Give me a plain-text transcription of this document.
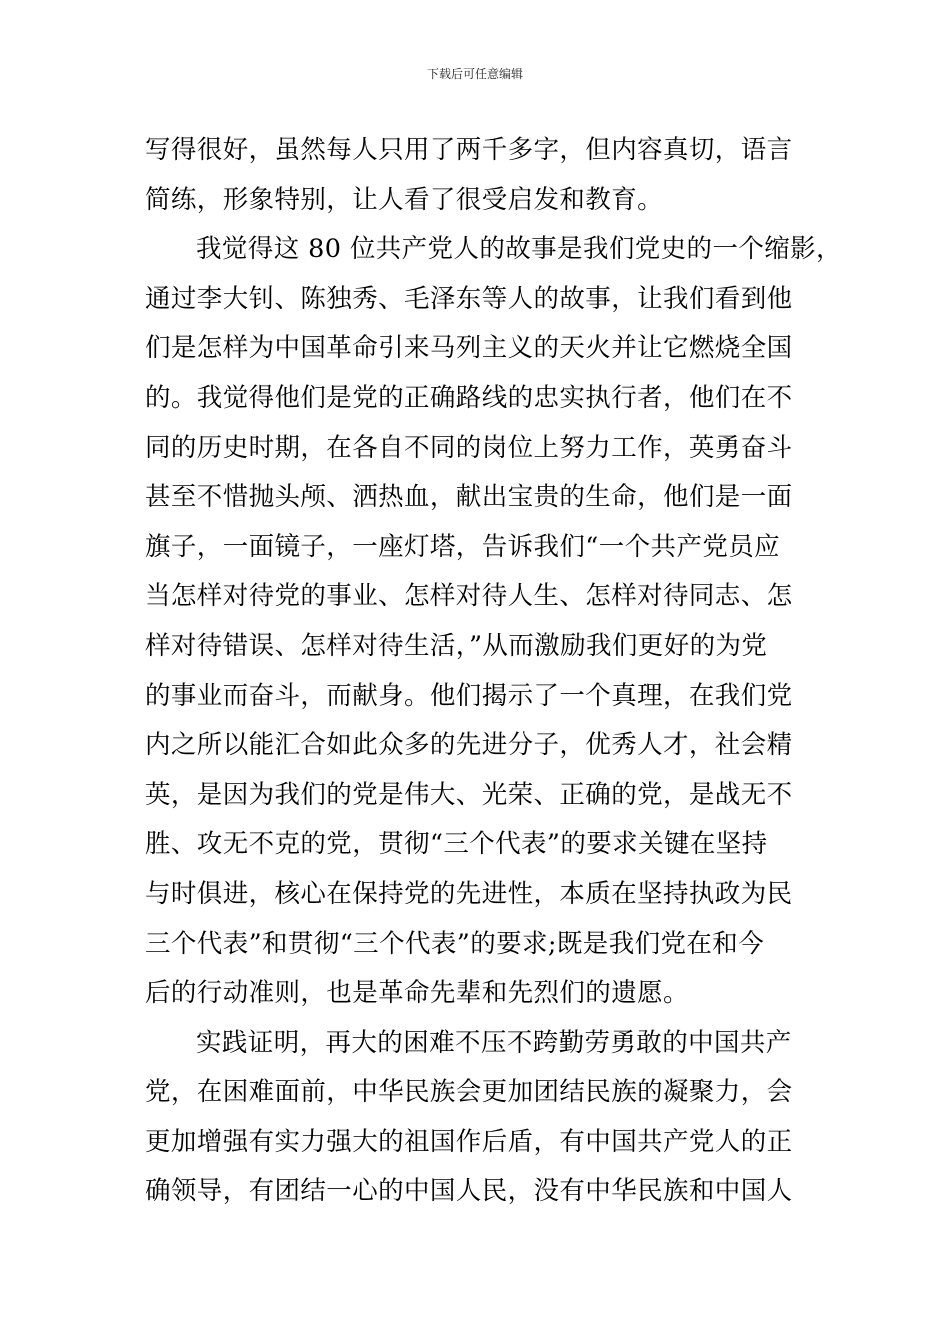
下载后可任意编辑
写得很好，虽然每人只用了两千多字，但内容真切，语言
简练，形象特别，让人看了很受启发和教育。
我觉得这 80 位共产党人的故事是我们党史的一个缩影，
通过李大钊、陈独秀、毛泽东等人的故事，让我们看到他
们是怎样为中国革命引来马列主义的天火并让它燃烧全国
的。我觉得他们是党的正确路线的忠实执行者，他们在不
同的历史时期，在各自不同的岗位上努力工作，英勇奋斗
甚至不惜抛头颅、洒热血，献出宝贵的生命，他们是一面
旗子，一面镜子，一座灯塔，告诉我们“一个共产党员应
当怎样对待党的事业、怎样对待人生、怎样对待同志、怎
样对待错误、怎样对待生活，”从而激励我们更好的为党
的事业而奋斗，而献身。他们揭示了一个真理，在我们党
内之所以能汇合如此众多的先进分子，优秀人才，社会精
英，是因为我们的党是伟大、光荣、正确的党，是战无不
胜、攻无不克的党，贯彻“三个代表”的要求关键在坚持
与时俱进，核心在保持党的先进性，本质在坚持执政为民
三个代表”和贯彻“三个代表”的要求;既是我们党在和今
后的行动准则，也是革命先辈和先烈们的遗愿。
实践证明，再大的困难不压不跨勤劳勇敢的中国共产
党，在困难面前，中华民族会更加团结民族的凝聚力，会
更加增强有实力强大的祖国作后盾，有中国共产党人的正
确领导，有团结一心的中国人民，没有中华民族和中国人
